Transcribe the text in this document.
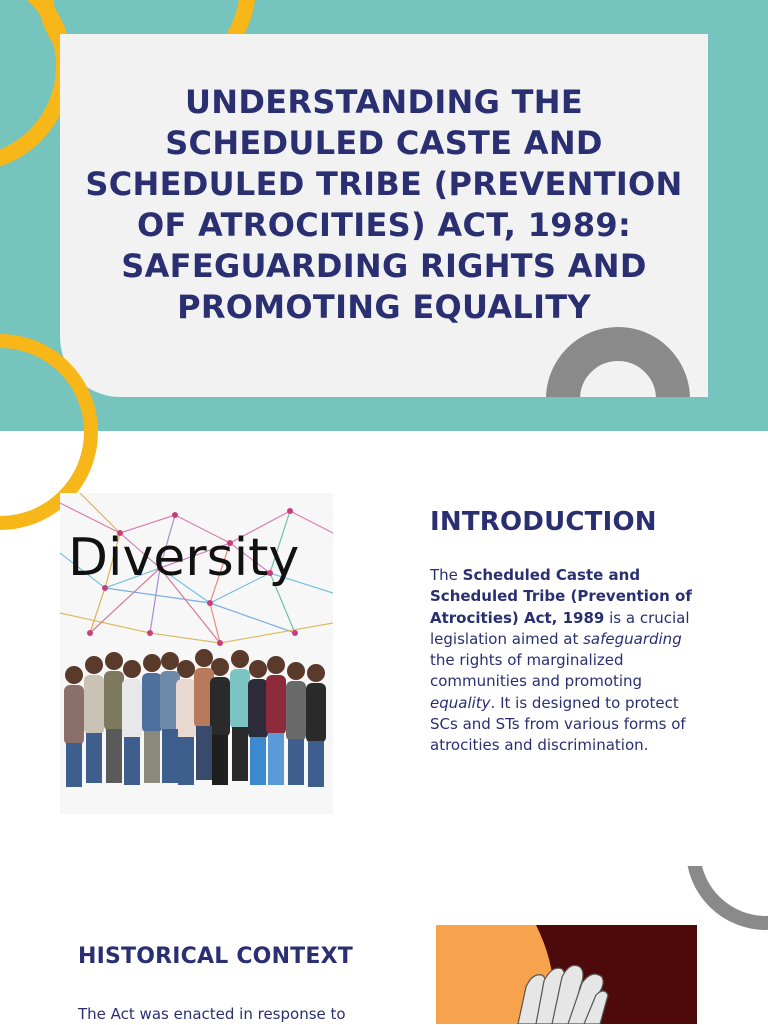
UNDERSTANDING THE SCHEDULED CASTE AND SCHEDULED TRIBE (PREVENTION OF ATROCITIES) ACT, 1989: SAFEGUARDING RIGHTS AND PROMOTING EQUALITY
Diversity
INTRODUCTION

The Scheduled Caste and Scheduled Tribe (Prevention of Atrocities) Act, 1989 is a crucial legislation aimed at safeguarding the rights of marginalized communities and promoting equality. It is designed to protect SCs and STs from various forms of atrocities and discrimination.

HISTORICAL CONTEXT

The Act was enacted in response to
